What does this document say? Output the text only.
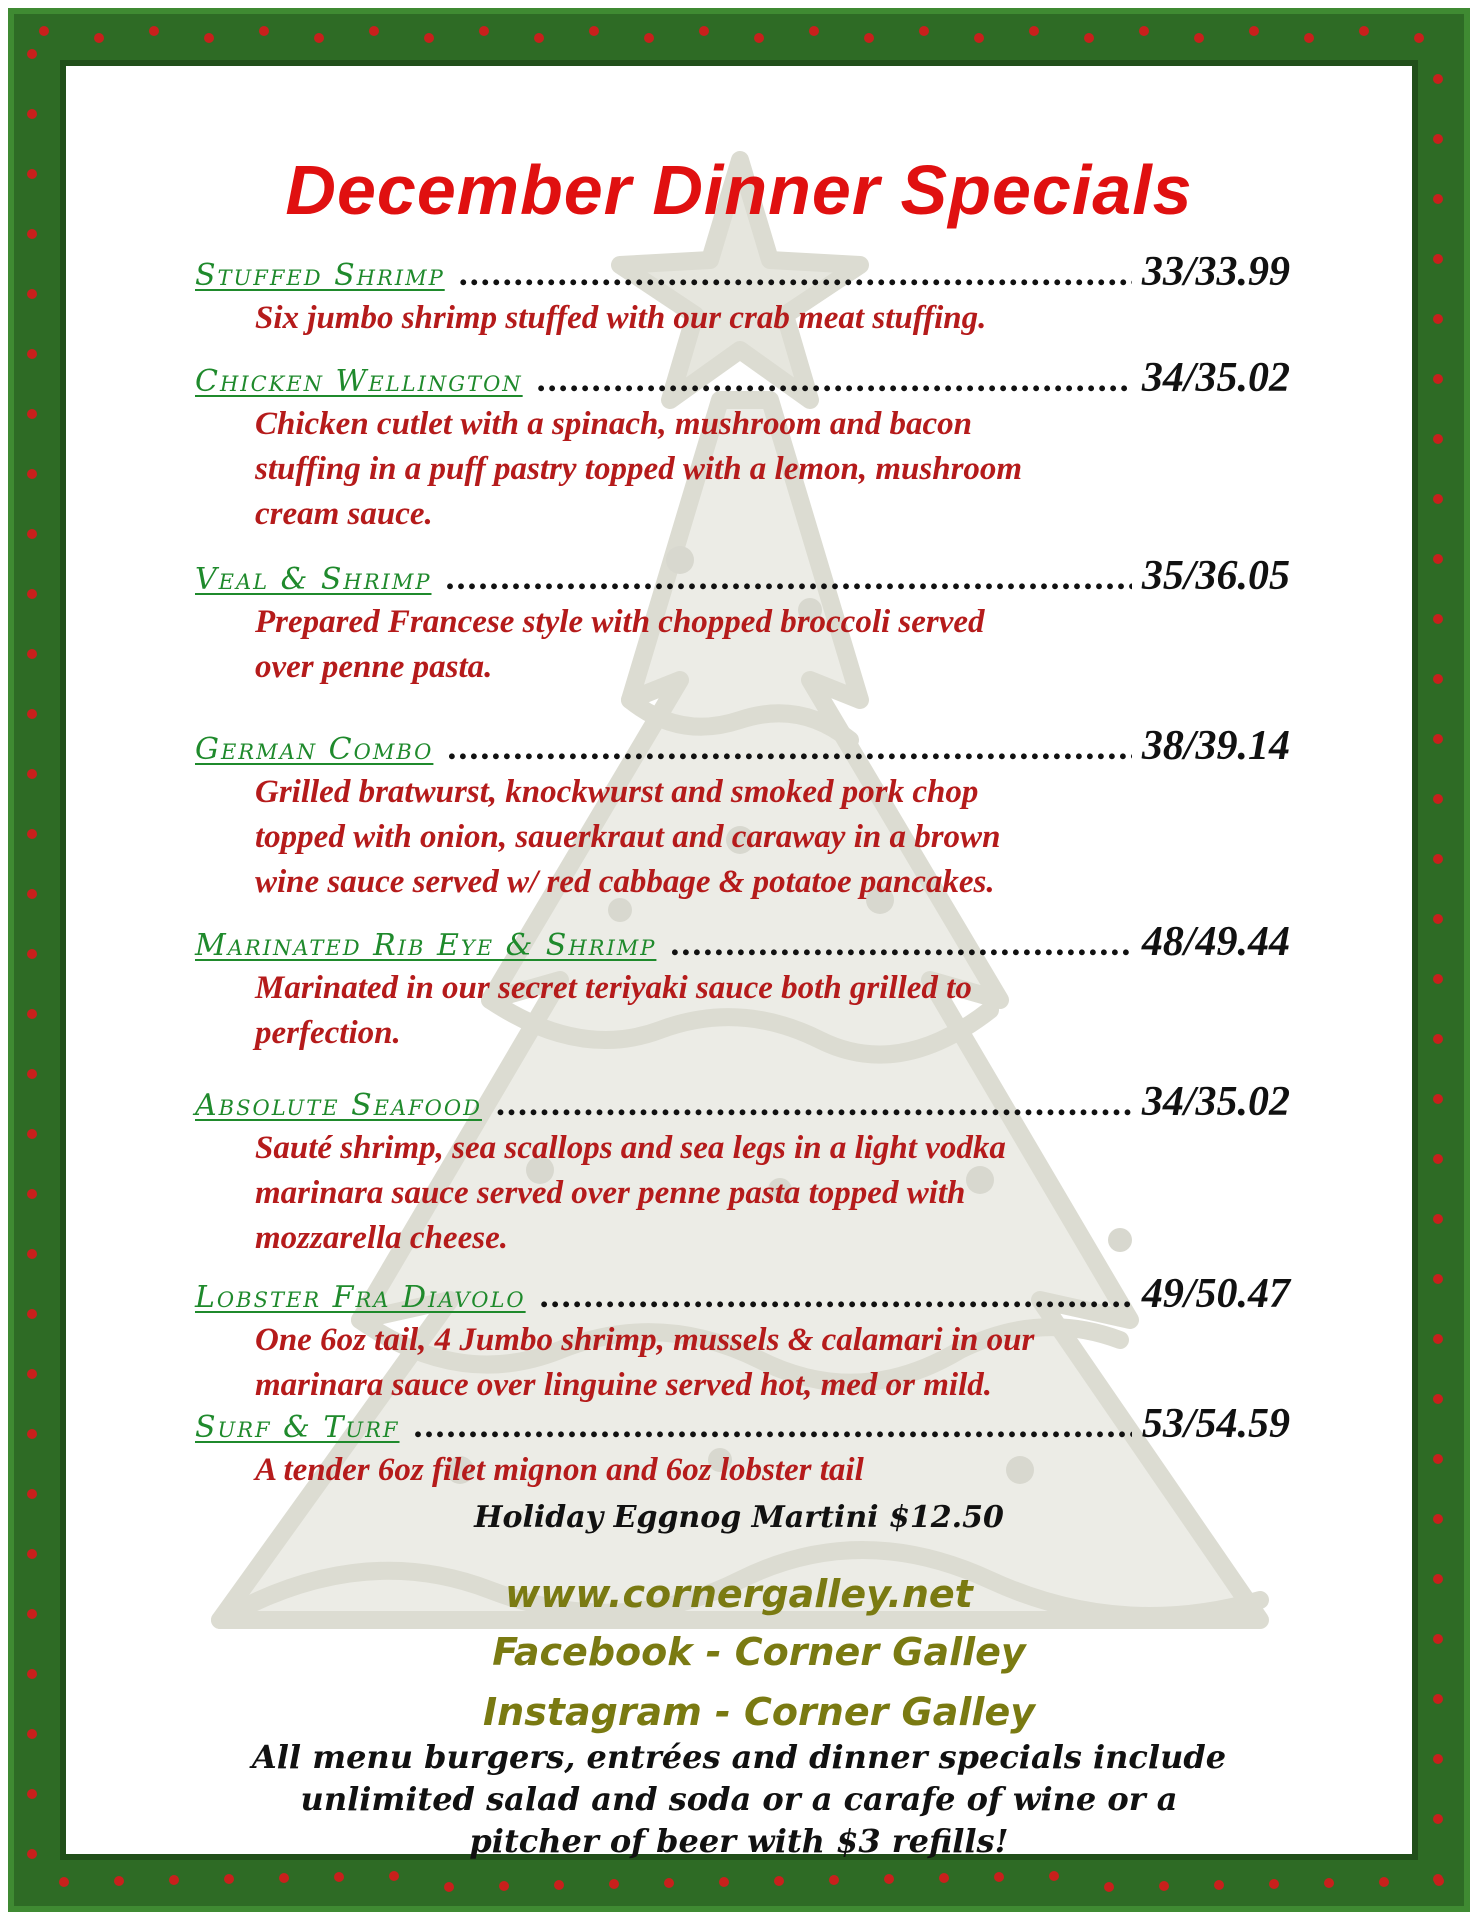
December Dinner Specials
Stuffed Shrimp .....	33/33.99
Six jumbo shrimp stuffed with our crab meat stuffing.
Chicken Wellington .....	34/35.02
Chicken cutlet with a spinach, mushroom and bacon
stuffing in a puff pastry topped with a lemon, mushroom
cream sauce.
Veal & Shrimp .....	35/36.05
Prepared Francese style with chopped broccoli served
over penne pasta.
German Combo .....	38/39.14
Grilled bratwurst, knockwurst and smoked pork chop
topped with onion, sauerkraut and caraway in a brown
wine sauce served w/ red cabbage & potatoe pancakes.
Marinated Rib Eye & Shrimp .....	48/49.44
Marinated in our secret teriyaki sauce both grilled to
perfection.
Absolute Seafood .....	34/35.02
Sauté shrimp, sea scallops and sea legs in a light vodka
marinara sauce served over penne pasta topped with
mozzarella cheese.
Lobster Fra Diavolo .....	49/50.47
One 6oz tail, 4 Jumbo shrimp, mussels & calamari in our
marinara sauce over linguine served hot, med or mild.
Surf & Turf .....	53/54.59
A tender 6oz filet mignon and 6oz lobster tail
Holiday Eggnog Martini $12.50
www.cornergalley.net
Facebook - Corner Galley
Instagram - Corner Galley
All menu burgers, entrées and dinner specials include
unlimited salad and soda or a carafe of wine or a
pitcher of beer with $3 refills!
